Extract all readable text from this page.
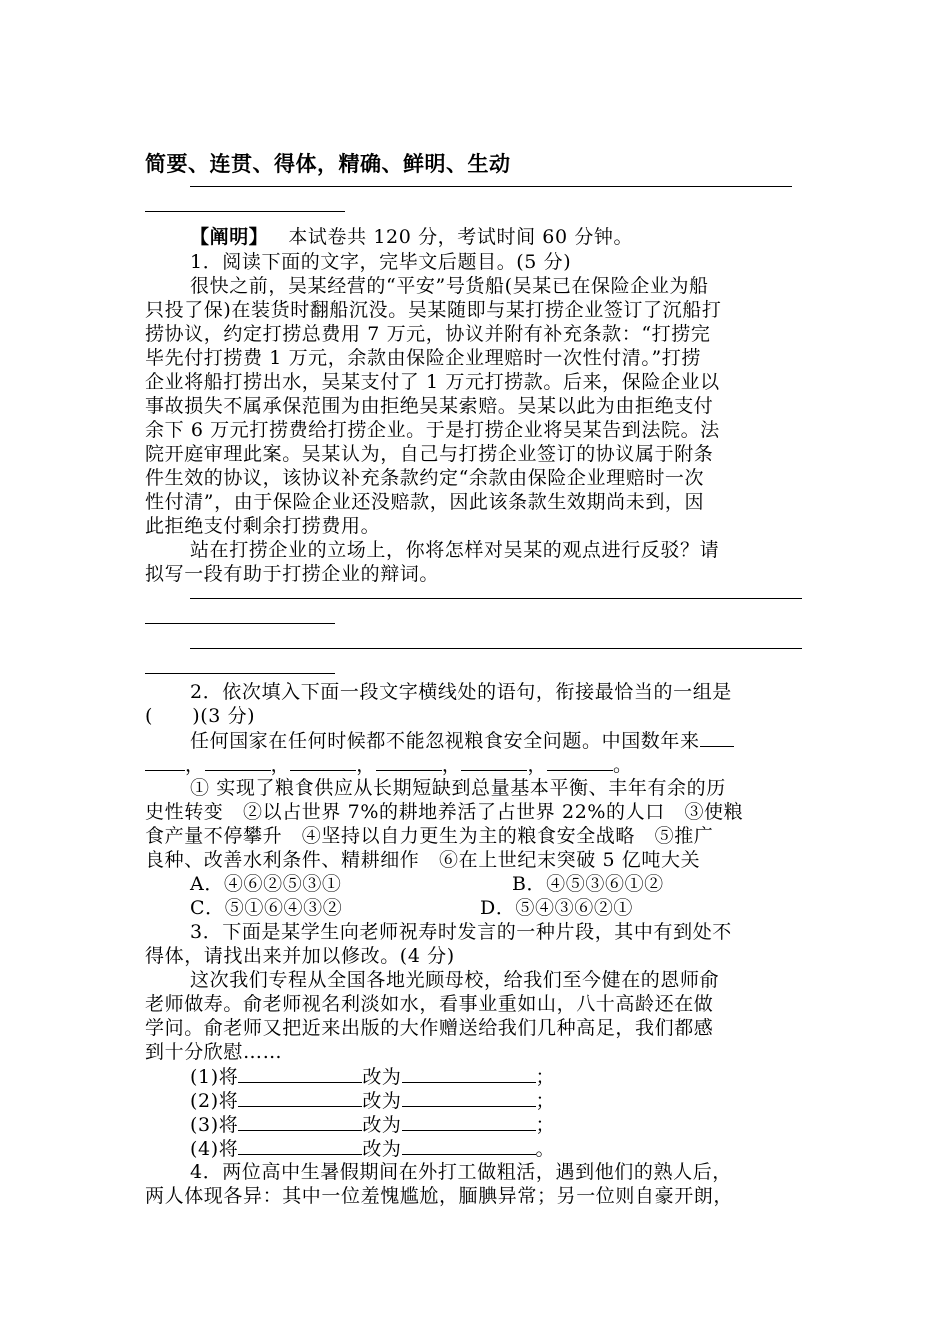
简要、连贯、得体，精确、鲜明、生动
【阐明】 本试卷共 120 分，考试时间 60 分钟。
1．阅读下面的文字，完毕文后题目。(5 分)
很快之前，吴某经营的“平安”号货船(吴某已在保险企业为船
只投了保)在装货时翻船沉没。吴某随即与某打捞企业签订了沉船打
捞协议，约定打捞总费用 7 万元，协议并附有补充条款：“打捞完
毕先付打捞费 1 万元，余款由保险企业理赔时一次性付清。”打捞
企业将船打捞出水，吴某支付了 1 万元打捞款。后来，保险企业以
事故损失不属承保范围为由拒绝吴某索赔。吴某以此为由拒绝支付
余下 6 万元打捞费给打捞企业。于是打捞企业将吴某告到法院。法
院开庭审理此案。吴某认为，自己与打捞企业签订的协议属于附条
件生效的协议，该协议补充条款约定“余款由保险企业理赔时一次
性付清”，由于保险企业还没赔款，因此该条款生效期尚未到，因
此拒绝支付剩余打捞费用。
站在打捞企业的立场上，你将怎样对吴某的观点进行反驳？请
拟写一段有助于打捞企业的辩词。
2．依次填入下面一段文字横线处的语句，衔接最恰当的一组是
(　　)(3 分)
任何国家在任何时候都不能忽视粮食安全问题。中国数年来
，	，	，	，	，	。
① 实现了粮食供应从长期短缺到总量基本平衡、丰年有余的历
史性转变　②以占世界 7%的耕地养活了占世界 22%的人口　③使粮
食产量不停攀升　④坚持以自力更生为主的粮食安全战略　⑤推广
良种、改善水利条件、精耕细作　⑥在上世纪末突破 5 亿吨大关
A．④⑥②⑤③①	B．④⑤③⑥①②
C．⑤①⑥④③②	D．⑤④③⑥②①
3．下面是某学生向老师祝寿时发言的一种片段，其中有到处不
得体，请找出来并加以修改。(4 分)
这次我们专程从全国各地光顾母校，给我们至今健在的恩师俞
老师做寿。俞老师视名利淡如水，看事业重如山，八十高龄还在做
学问。俞老师又把近来出版的大作赠送给我们几种高足，我们都感
到十分欣慰……
(1)将	改为	；
(2)将	改为	；
(3)将	改为	；
(4)将	改为	。
4．两位高中生暑假期间在外打工做粗活，遇到他们的熟人后，
两人体现各异：其中一位羞愧尴尬，腼腆异常；另一位则自豪开朗，
